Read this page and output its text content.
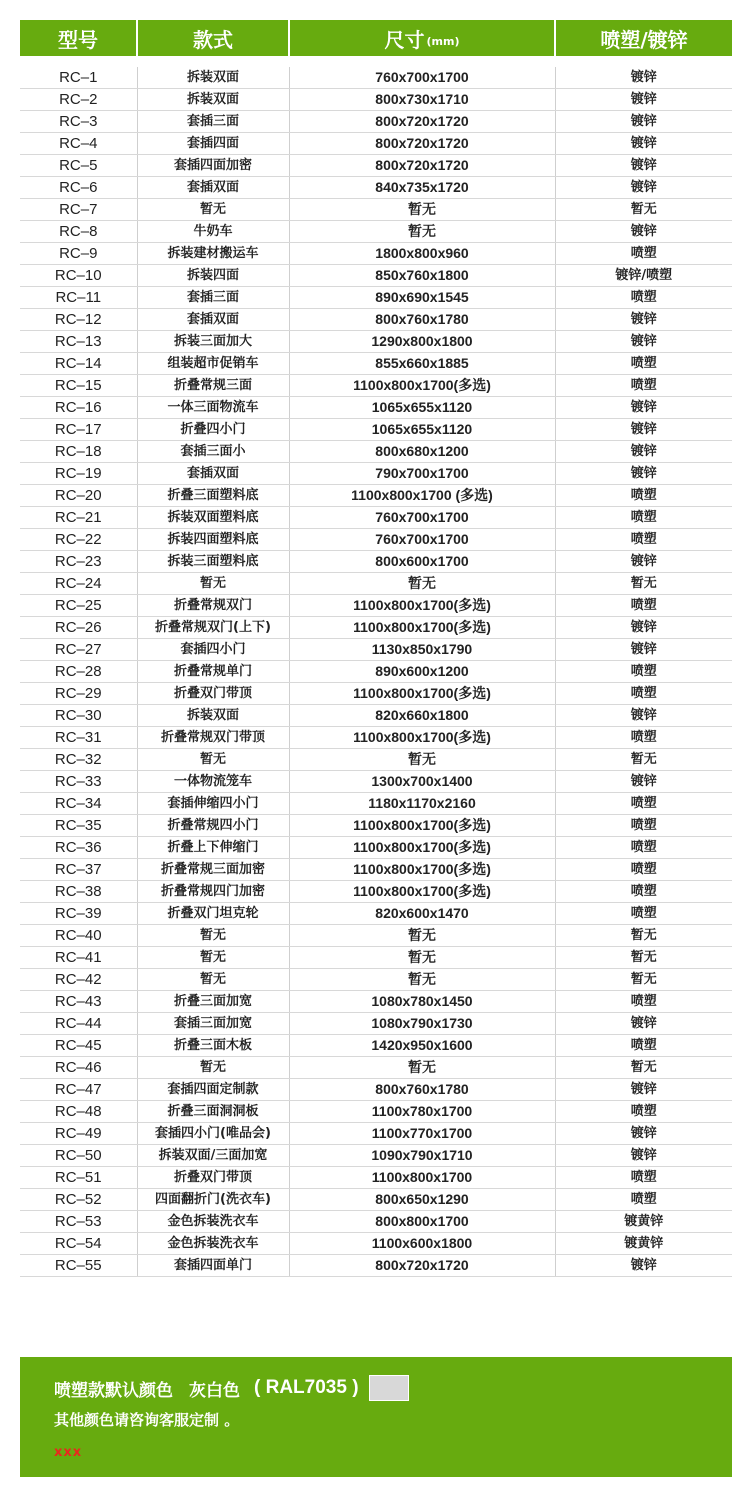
型号	款式	尺寸 (mm)	喷塑/镀锌
RC–1	拆装双面	760x700x1700	镀锌
RC–2	拆装双面	800x730x1710	镀锌
RC–3	套插三面	800x720x1720	镀锌
RC–4	套插四面	800x720x1720	镀锌
RC–5	套插四面加密	800x720x1720	镀锌
RC–6	套插双面	840x735x1720	镀锌
RC–7	暂无	暂无	暂无
RC–8	牛奶车	暂无	镀锌
RC–9	拆装建材搬运车	1800x800x960	喷塑
RC–10	拆装四面	850x760x1800	镀锌/喷塑
RC–11	套插三面	890x690x1545	喷塑
RC–12	套插双面	800x760x1780	镀锌
RC–13	拆装三面加大	1290x800x1800	镀锌
RC–14	组装超市促销车	855x660x1885	喷塑
RC–15	折叠常规三面	1100x800x1700(多选)	喷塑
RC–16	一体三面物流车	1065x655x1120	镀锌
RC–17	折叠四小门	1065x655x1120	镀锌
RC–18	套插三面小	800x680x1200	镀锌
RC–19	套插双面	790x700x1700	镀锌
RC–20	折叠三面塑料底	1100x800x1700 (多选)	喷塑
RC–21	拆装双面塑料底	760x700x1700	喷塑
RC–22	拆装四面塑料底	760x700x1700	喷塑
RC–23	拆装三面塑料底	800x600x1700	镀锌
RC–24	暂无	暂无	暂无
RC–25	折叠常规双门	1100x800x1700(多选)	喷塑
RC–26	折叠常规双门(上下)	1100x800x1700(多选)	镀锌
RC–27	套插四小门	1130x850x1790	镀锌
RC–28	折叠常规单门	890x600x1200	喷塑
RC–29	折叠双门带顶	1100x800x1700(多选)	喷塑
RC–30	拆装双面	820x660x1800	镀锌
RC–31	折叠常规双门带顶	1100x800x1700(多选)	喷塑
RC–32	暂无	暂无	暂无
RC–33	一体物流笼车	1300x700x1400	镀锌
RC–34	套插伸缩四小门	1180x1170x2160	喷塑
RC–35	折叠常规四小门	1100x800x1700(多选)	喷塑
RC–36	折叠上下伸缩门	1100x800x1700(多选)	喷塑
RC–37	折叠常规三面加密	1100x800x1700(多选)	喷塑
RC–38	折叠常规四门加密	1100x800x1700(多选)	喷塑
RC–39	折叠双门坦克轮	820x600x1470	喷塑
RC–40	暂无	暂无	暂无
RC–41	暂无	暂无	暂无
RC–42	暂无	暂无	暂无
RC–43	折叠三面加宽	1080x780x1450	喷塑
RC–44	套插三面加宽	1080x790x1730	镀锌
RC–45	折叠三面木板	1420x950x1600	喷塑
RC–46	暂无	暂无	暂无
RC–47	套插四面定制款	800x760x1780	镀锌
RC–48	折叠三面洞洞板	1100x780x1700	喷塑
RC–49	套插四小门(唯品会)	1100x770x1700	镀锌
RC–50	拆装双面/三面加宽	1090x790x1710	镀锌
RC–51	折叠双门带顶	1100x800x1700	喷塑
RC–52	四面翻折门(洗衣车)	800x650x1290	喷塑
RC–53	金色拆装洗衣车	800x800x1700	镀黄锌
RC–54	金色拆装洗衣车	1100x600x1800	镀黄锌
RC–55	套插四面单门	800x720x1720	镀锌
喷塑款默认颜色 灰白色 ( RAL7035 )
其他颜色请咨询客服定制 。
xxx
